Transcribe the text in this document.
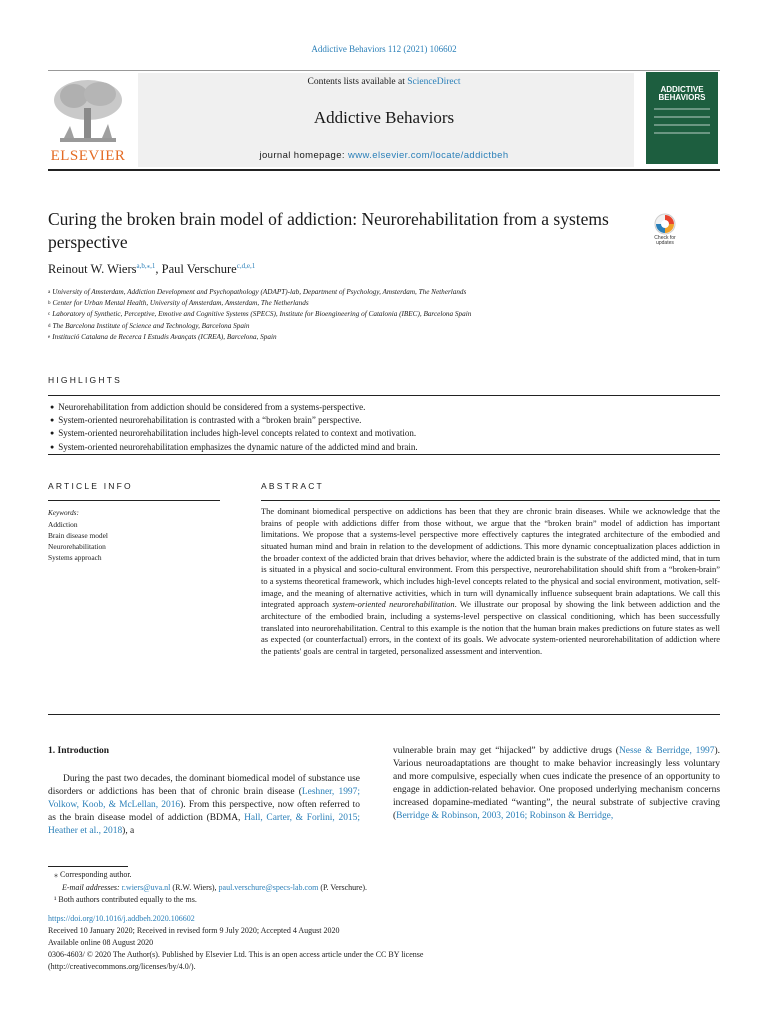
Addictive Behaviors 112 (2021) 106602
Contents lists available at ScienceDirect
Addictive Behaviors
journal homepage: www.elsevier.com/locate/addictbeh
ELSEVIER
ADDICTIVE
BEHAVIORS
Curing the broken brain model of addiction: Neurorehabilitation from a systems perspective	Check for updates
Reinout W. Wiers$^{a,b,⁎,1}$, Paul Verschure$^{c,d,e,1}$
$^a$ University of Amsterdam, Addiction Development and Psychopathology (ADAPT)-lab, Department of Psychology, Amsterdam, The Netherlands
$^b$ Center for Urban Mental Health, University of Amsterdam, Amsterdam, The Netherlands
$^c$ Laboratory of Synthetic, Perceptive, Emotive and Cognitive Systems (SPECS), Institute for Bioengineering of Catalonia (IBEC), Barcelona Spain
$^d$ The Barcelona Institute of Science and Technology, Barcelona Spain
$^e$ Institució Catalana de Recerca I Estudis Avançats (ICREA), Barcelona, Spain
HIGHLIGHTS
● Neurorehabilitation from addiction should be considered from a systems-perspective.
● System-oriented neurorehabilitation is contrasted with a “broken brain” perspective.
● System-oriented neurorehabilitation includes high-level concepts related to context and motivation.
● System-oriented neurorehabilitation emphasizes the dynamic nature of the addicted mind and brain.
ARTICLE INFO
Keywords:
Addiction
Brain disease model
Neurorehabilitation
Systems approach
ABSTRACT
The dominant biomedical perspective on addictions has been that they are chronic brain diseases. While we acknowledge that the brains of people with addictions differ from those without, we argue that the “broken brain” model of addiction has important limitations. We propose that a systems-level perspective more effectively captures the integrated architecture of the embodied and situated human mind and brain in relation to the development of addictions. This more dynamic conceptualization places addiction in the broader context of the addicted brain that drives behavior, where the addicted brain is the substrate of the addicted mind, that in turn is situated in a physical and socio-cultural environment. From this perspective, neurorehabilitation should shift from a “broken-brain” to a systems theoretical framework, which includes high-level concepts related to the physical and social environment, motivation, self-image, and the meaning of alternative activities, which in turn will dynamically influence subsequent brain adaptations. We call this integrated approach system-oriented neurorehabilitation. We illustrate our proposal by showing the link between addiction and the architecture of the embodied brain, including a systems-level perspective on classical conditioning, which has been successfully translated into neurorehabilitation. Central to this example is the notion that the human brain makes predictions on future states as well as expected (or counterfactual) errors, in the context of its goals. We advocate system-oriented neurorehabilitation of addiction where the patients' goals are central in targeted, personalized assessment and intervention.
1. Introduction
During the past two decades, the dominant biomedical model of substance use disorders or addictions has been that of chronic brain disease (Leshner, 1997; Volkow, Koob, & McLellan, 2016). From this perspective, now often referred to as the brain disease model of addiction (BDMA, Hall, Carter, & Forlini, 2015; Heather et al., 2018), a
vulnerable brain may get “hijacked” by addictive drugs (Nesse & Berridge, 1997). Various neuroadaptations are thought to make behavior increasingly less voluntary and more compulsive, especially when cues indicate the presence of an opportunity to engage in addiction-related behavior. One proposed underlying mechanism concerns increased dopamine-mediated “wanting”, the neural substrate of subjective craving (Berridge & Robinson, 2003, 2016; Robinson & Berridge,
⁎ Corresponding author.
E-mail addresses: r.wiers@uva.nl (R.W. Wiers), paul.verschure@specs-lab.com (P. Verschure).
¹ Both authors contributed equally to the ms.
https://doi.org/10.1016/j.addbeh.2020.106602
Received 10 January 2020; Received in revised form 9 July 2020; Accepted 4 August 2020
Available online 08 August 2020
0306-4603/ © 2020 The Author(s). Published by Elsevier Ltd. This is an open access article under the CC BY license
(http://creativecommons.org/licenses/by/4.0/).
